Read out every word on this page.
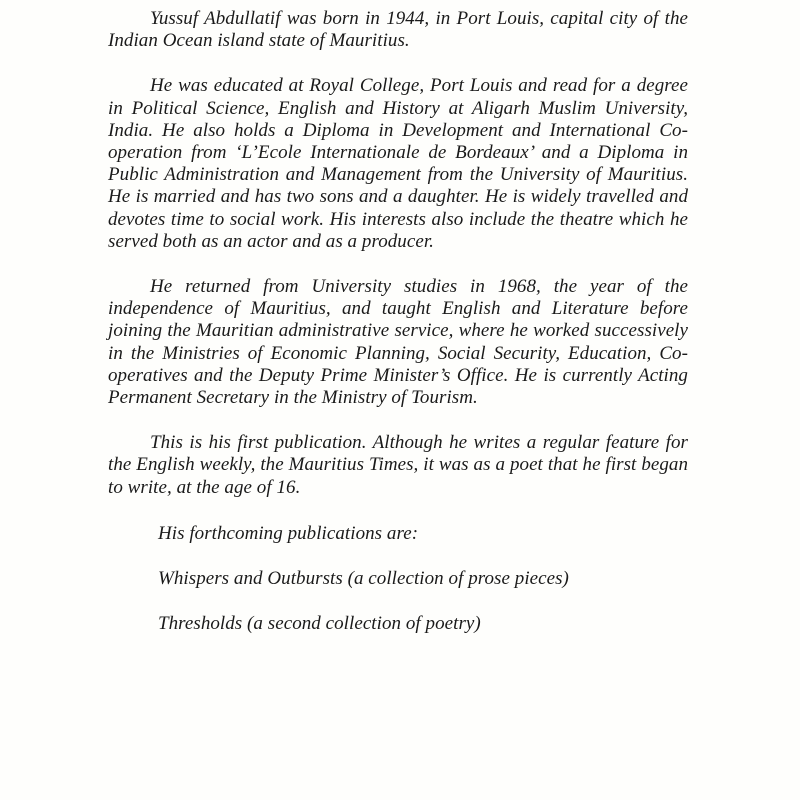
Yussuf Abdullatif was born in 1944, in Port Louis, capital city of the Indian Ocean island state of Mauritius.

He was educated at Royal College, Port Louis and read for a degree in Political Science, English and History at Aligarh Muslim University, India. He also holds a Diploma in Development and International Co-operation from ‘L’Ecole Internationale de Bordeaux’ and a Diploma in Public Administration and Management from the University of Mauritius. He is married and has two sons and a daughter. He is widely travelled and devotes time to social work. His interests also include the theatre which he served both as an actor and as a producer.

He returned from University studies in 1968, the year of the independence of Mauritius, and taught English and Literature before joining the Mauritian administrative service, where he worked successively in the Ministries of Economic Planning, Social Security, Education, Co-operatives and the Deputy Prime Minister’s Office. He is currently Acting Permanent Secretary in the Ministry of Tourism.

This is his first publication. Although he writes a regular feature for the English weekly, the Mauritius Times, it was as a poet that he first began to write, at the age of 16.

His forthcoming publications are:

Whispers and Outbursts (a collection of prose pieces)

Thresholds (a second collection of poetry)
